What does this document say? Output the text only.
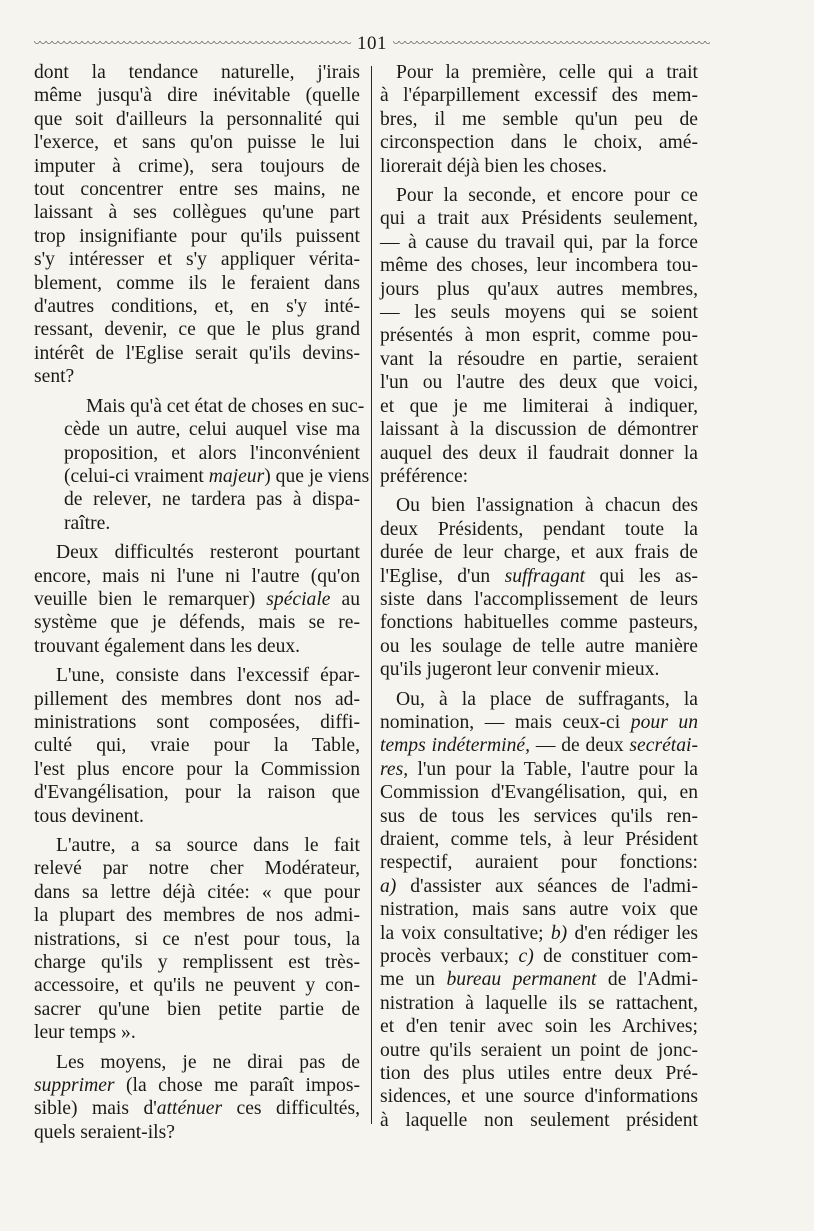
101

dont la tendance naturelle, j'irais
même jusqu'à dire inévitable (quelle
que soit d'ailleurs la personnalité qui
l'exerce, et sans qu'on puisse le lui
imputer à crime), sera toujours de
tout concentrer entre ses mains, ne
laissant à ses collègues qu'une part
trop insignifiante pour qu'ils puissent
s'y intéresser et s'y appliquer vérita-
blement, comme ils le feraient dans
d'autres conditions, et, en s'y inté-
ressant, devenir, ce que le plus grand
intérêt de l'Eglise serait qu'ils devins-
sent?

Mais qu'à cet état de choses en suc-
cède un autre, celui auquel vise ma
proposition, et alors l'inconvénient
(celui-ci vraiment majeur) que je viens
de relever, ne tardera pas à dispa-
raître.

Deux difficultés resteront pourtant
encore, mais ni l'une ni l'autre (qu'on
veuille bien le remarquer) spéciale au
système que je défends, mais se re-
trouvant également dans les deux.

L'une, consiste dans l'excessif épar-
pillement des membres dont nos ad-
ministrations sont composées, diffi-
culté qui, vraie pour la Table,
l'est plus encore pour la Commission
d'Evangélisation, pour la raison que
tous devinent.

L'autre, a sa source dans le fait
relevé par notre cher Modérateur,
dans sa lettre déjà citée: « que pour
la plupart des membres de nos admi-
nistrations, si ce n'est pour tous, la
charge qu'ils y remplissent est très-
accessoire, et qu'ils ne peuvent y con-
sacrer qu'une bien petite partie de
leur temps ».

Les moyens, je ne dirai pas de
supprimer (la chose me paraît impos-
sible) mais d'atténuer ces difficultés,
quels seraient-ils?

Pour la première, celle qui a trait
à l'éparpillement excessif des mem-
bres, il me semble qu'un peu de
circonspection dans le choix, amé-
liorerait déjà bien les choses.

Pour la seconde, et encore pour ce
qui a trait aux Présidents seulement,
— à cause du travail qui, par la force
même des choses, leur incombera tou-
jours plus qu'aux autres membres,
— les seuls moyens qui se soient
présentés à mon esprit, comme pou-
vant la résoudre en partie, seraient
l'un ou l'autre des deux que voici,
et que je me limiterai à indiquer,
laissant à la discussion de démontrer
auquel des deux il faudrait donner la
préférence:

Ou bien l'assignation à chacun des
deux Présidents, pendant toute la
durée de leur charge, et aux frais de
l'Eglise, d'un suffragant qui les as-
siste dans l'accomplissement de leurs
fonctions habituelles comme pasteurs,
ou les soulage de telle autre manière
qu'ils jugeront leur convenir mieux.

Ou, à la place de suffragants, la
nomination, — mais ceux-ci pour un
temps indéterminé, — de deux secrétai-
res, l'un pour la Table, l'autre pour la
Commission d'Evangélisation, qui, en
sus de tous les services qu'ils ren-
draient, comme tels, à leur Président
respectif, auraient pour fonctions:
a) d'assister aux séances de l'admi-
nistration, mais sans autre voix que
la voix consultative; b) d'en rédiger les
procès verbaux; c) de constituer com-
me un bureau permanent de l'Admi-
nistration à laquelle ils se rattachent,
et d'en tenir avec soin les Archives;
outre qu'ils seraient un point de jonc-
tion des plus utiles entre deux Pré-
sidences, et une source d'informations
à laquelle non seulement président
